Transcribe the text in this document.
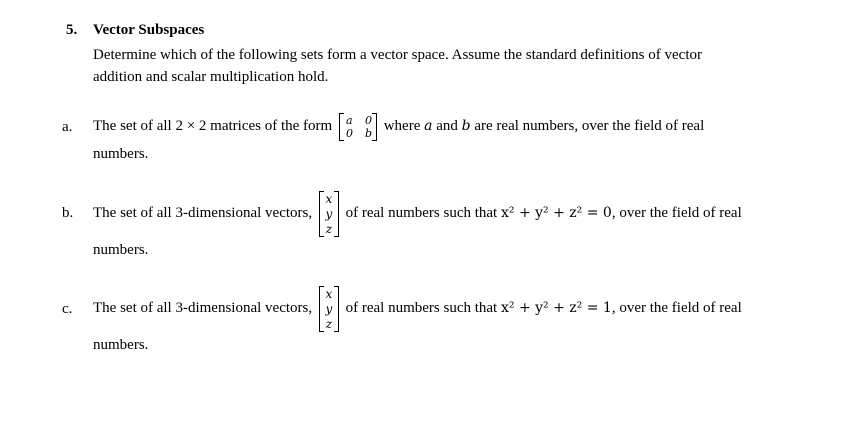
5. Vector Subspaces
Determine which of the following sets form a vector space. Assume the standard definitions of vector
addition and scalar multiplication hold.
a. The set of all 2 × 2 matrices of the form a 0
0 b where a and b are real numbers, over the field of real
numbers.
b. The set of all 3-dimensional vectors,
x
y
z
of real numbers such that x² + y² + z² = 0, over the field of real
numbers.
c. The set of all 3-dimensional vectors,
x
y
z
of real numbers such that x² + y² + z² = 1, over the field of real
numbers.
